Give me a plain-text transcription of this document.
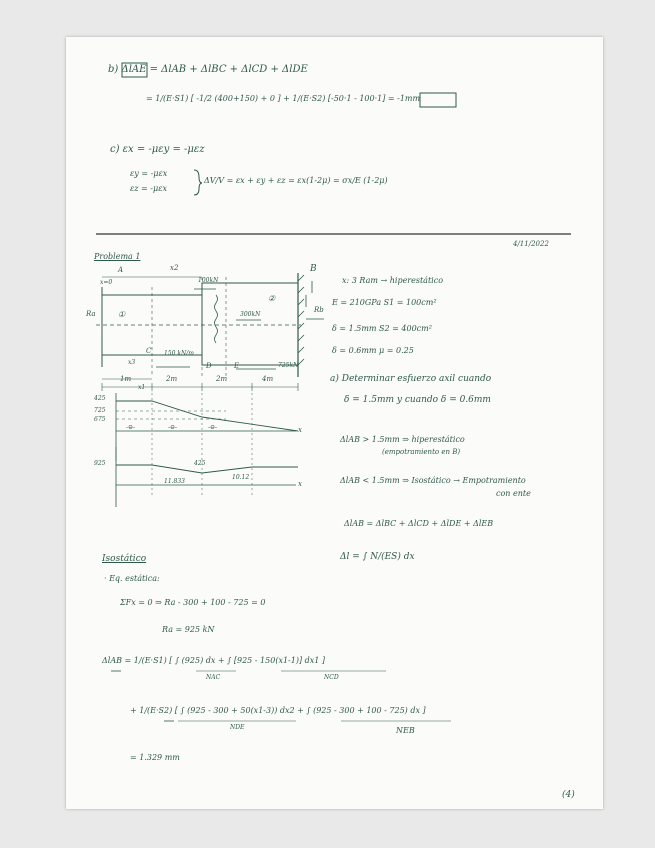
b) ΔlAE = ΔlAB + ΔlBC + ΔlCD + ΔlDE
= 1/(E·S1) [ -1/2 (400+150) + 0 ] + 1/(E·S2) [-50·1 - 100·1] = -1mm
c) εx = -μεy = -μεz
εy = -μεx
εz = -μεx
ΔV/V = εx + εy + εz = εx(1-2μ) = σx/E (1-2μ)
4/11/2022
Problema 1
A
x=0
x2
100kN
①
②
300kN
Ra	Rb
B
C 150 kN/m
D	E	725kN
x3
x1
1m	2m	2m	4m
x: 3 Ram → hiperestático
E = 210GPa S1 = 100cm²
δ = 1.5mm S2 = 400cm²
δ = 0.6mm μ = 0.25
a) Determinar esfuerzo axil cuando
δ = 1.5mm y cuando δ = 0.6mm
ΔlAB > 1.5mm ⇒ hiperestático
(empotramiento en B)
ΔlAB < 1.5mm ⇒ Isostático → Empotramiento
con ente
ΔlAB = ΔlBC + ΔlCD + ΔlDE + ΔlEB
Δl = ∫ N/(ES) dx
425
725
675
-⊖-	-⊖-	-⊖-	x
925
11.833
10.12
425
x
Isostático
· Eq. estática:
ΣFx = 0 ⇒ Ra - 300 + 100 - 725 = 0
Ra = 925 kN
ΔlAB = 1/(E·S1) [ ∫ (925) dx + ∫ [925 - 150(x1-1)] dx1 ]
NAC	NCD
+ 1/(E·S2) [ ∫ (925 - 300 + 50(x1-3)) dx2 + ∫ (925 - 300 + 100 - 725) dx ]
NDE	NEB
= 1.329 mm
(4)
